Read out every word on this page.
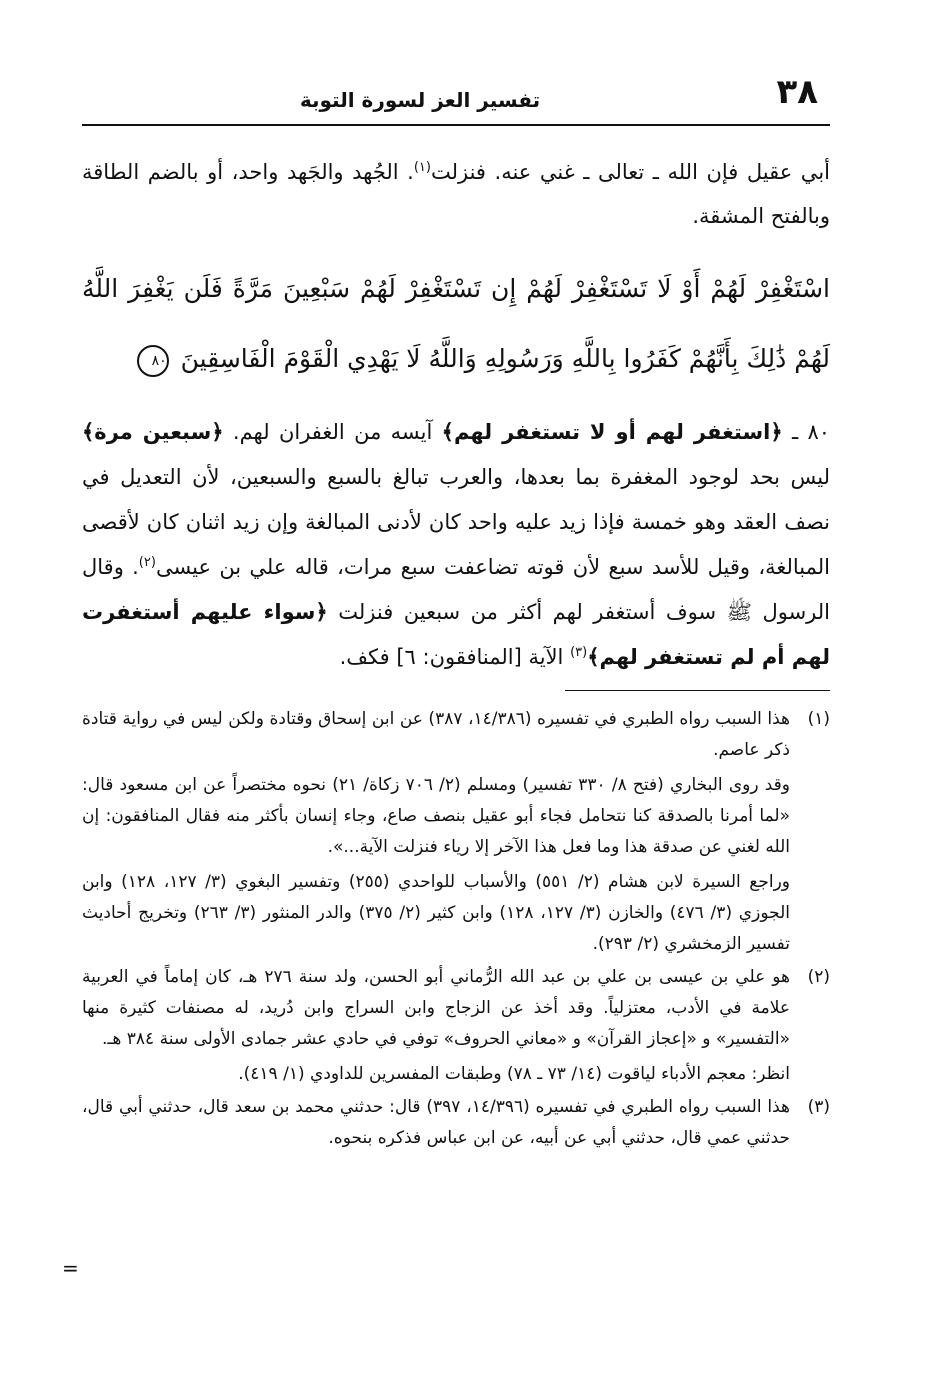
٣٨
تفسير العز لسورة التوبة
أبي عقيل فإن الله ـ تعالى ـ غني عنه. فنزلت$^{(١)}$. الجُهد والجَهد واحد، أو بالضم الطاقة وبالفتح المشقة.
اسْتَغْفِرْ لَهُمْ أَوْ لَا تَسْتَغْفِرْ لَهُمْ إِن تَسْتَغْفِرْ لَهُمْ سَبْعِينَ مَرَّةً فَلَن يَغْفِرَ اللَّهُ لَهُمْ ذَٰلِكَ بِأَنَّهُمْ كَفَرُوا بِاللَّهِ وَرَسُولِهِ وَاللَّهُ لَا يَهْدِي الْقَوْمَ الْفَاسِقِينَ ٨٠
٨٠ ـ ﴿استغفر لهم أو لا تستغفر لهم﴾ آيسه من الغفران لهم. ﴿سبعين مرة﴾ ليس بحد لوجود المغفرة بما بعدها، والعرب تبالغ بالسبع والسبعين، لأن التعديل في نصف العقد وهو خمسة فإذا زيد عليه واحد كان لأدنى المبالغة وإن زيد اثنان كان لأقصى المبالغة، وقيل للأسد سبع لأن قوته تضاعفت سبع مرات، قاله علي بن عيسى$^{(٢)}$. وقال الرسول ﷺ سوف أستغفر لهم أكثر من سبعين فنزلت ﴿سواء عليهم أستغفرت لهم أم لم تستغفر لهم﴾$^{(٣)}$ الآية [المنافقون: ٦] فكف.
(١)
هذا السبب رواه الطبري في تفسيره (١٤/٣٨٦، ٣٨٧) عن ابن إسحاق وقتادة ولكن ليس في رواية قتادة ذكر عاصم.
وقد روى البخاري (فتح ٨/ ٣٣٠ تفسير) ومسلم (٢/ ٧٠٦ زكاة/ ٢١) نحوه مختصراً عن ابن مسعود قال: «لما أمرنا بالصدقة كنا نتحامل فجاء أبو عقيل بنصف صاع، وجاء إنسان بأكثر منه فقال المنافقون: إن الله لغني عن صدقة هذا وما فعل هذا الآخر إلا رياء فنزلت الآية...».
وراجع السيرة لابن هشام (٢/ ٥٥١) والأسباب للواحدي (٢٥٥) وتفسير البغوي (٣/ ١٢٧، ١٢٨) وابن الجوزي (٣/ ٤٧٦) والخازن (٣/ ١٢٧، ١٢٨) وابن كثير (٢/ ٣٧٥) والدر المنثور (٣/ ٢٦٣) وتخريج أحاديث تفسير الزمخشري (٢/ ٢٩٣).
(٢)
هو علي بن عيسى بن علي بن عبد الله الرُّماني أبو الحسن، ولد سنة ٢٧٦ هـ، كان إماماً في العربية علامة في الأدب، معتزلياً. وقد أخذ عن الزجاج وابن السراج وابن دُريد، له مصنفات كثيرة منها «التفسير» و «إعجاز القرآن» و «معاني الحروف» توفي في حادي عشر جمادى الأولى سنة ٣٨٤ هـ.
انظر: معجم الأدباء لياقوت (١٤/ ٧٣ ـ ٧٨) وطبقات المفسرين للداودي (١/ ٤١٩).
(٣)
هذا السبب رواه الطبري في تفسيره (١٤/٣٩٦، ٣٩٧) قال: حدثني محمد بن سعد قال، حدثني أبي قال، حدثني عمي قال، حدثني أبي عن أبيه، عن ابن عباس فذكره بنحوه.
=
